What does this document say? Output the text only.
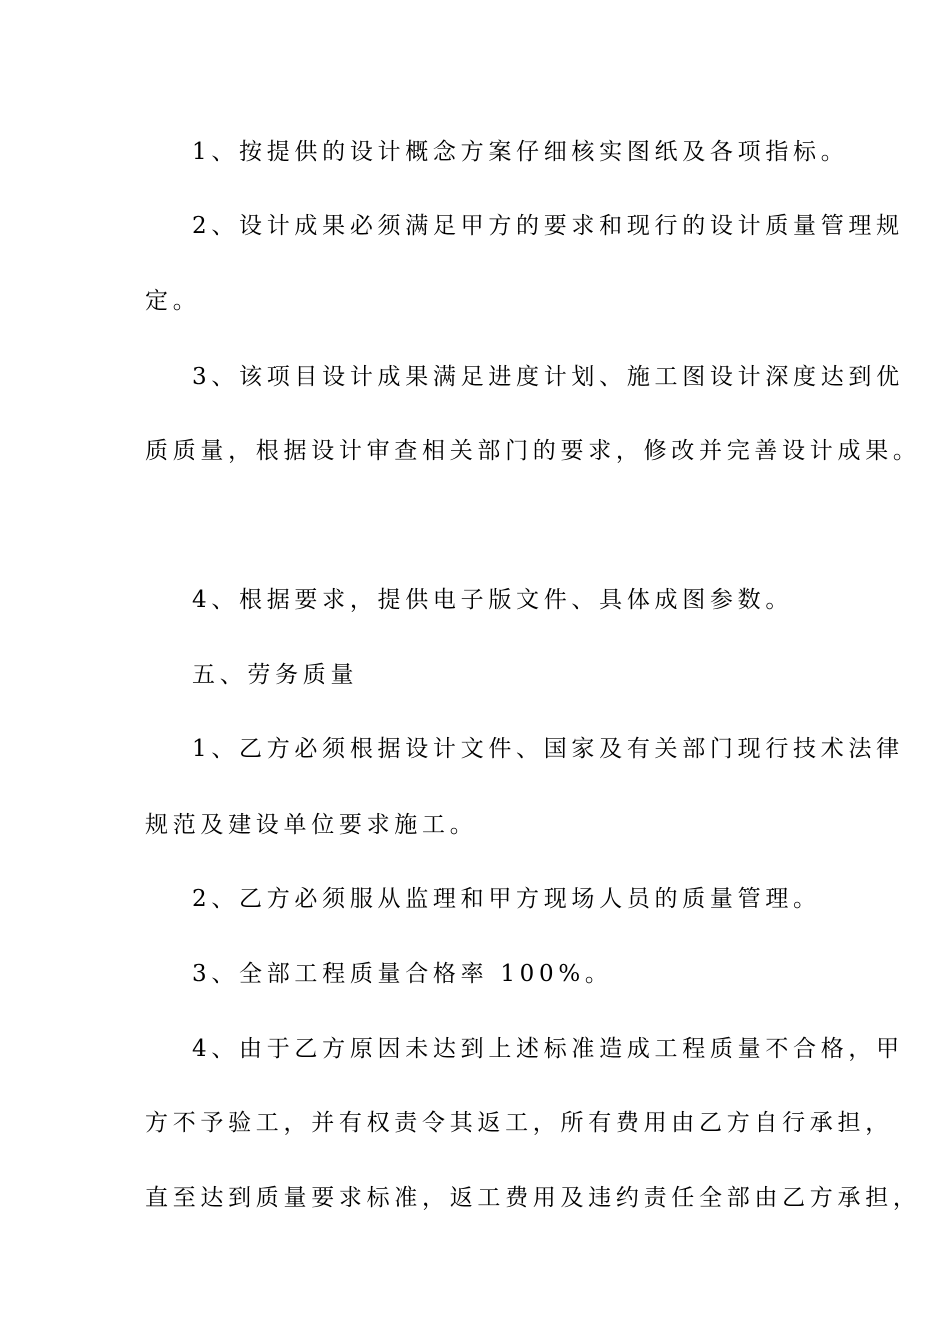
1、按提供的设计概念方案仔细核实图纸及各项指标。
2、设计成果必须满足甲方的要求和现行的设计质量管理规
定。
3、该项目设计成果满足进度计划、施工图设计深度达到优
质质量，根据设计审查相关部门的要求，修改并完善设计成果。
4、根据要求，提供电子版文件、具体成图参数。
五、劳务质量
1、乙方必须根据设计文件、国家及有关部门现行技术法律
规范及建设单位要求施工。
2、乙方必须服从监理和甲方现场人员的质量管理。
3、全部工程质量合格率 100%。
4、由于乙方原因未达到上述标准造成工程质量不合格，甲
方不予验工，并有权责令其返工，所有费用由乙方自行承担，
直至达到质量要求标准，返工费用及违约责任全部由乙方承担，
